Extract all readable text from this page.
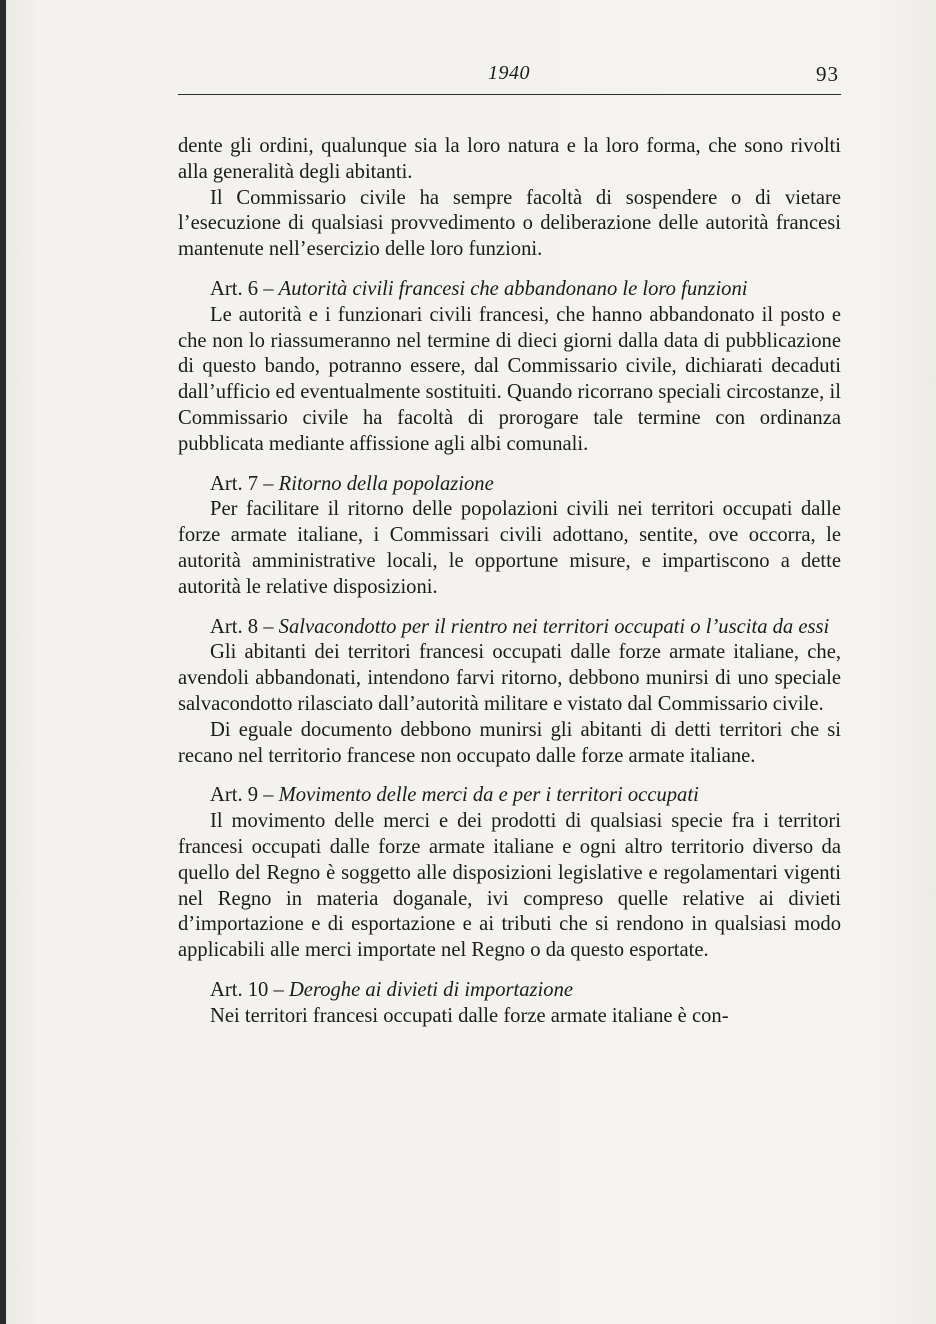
1940	93

dente gli ordini, qualunque sia la loro natura e la loro forma, che sono rivolti alla generalità degli abitanti.

Il Commissario civile ha sempre facoltà di sospendere o di vietare l’esecuzione di qualsiasi provvedimento o deliberazione delle autorità francesi mantenute nell’esercizio delle loro funzioni.

Art. 6 – Autorità civili francesi che abbandonano le loro funzioni

Le autorità e i funzionari civili francesi, che hanno abbandonato il posto e che non lo riassumeranno nel termine di dieci giorni dalla data di pubblicazione di questo bando, potranno essere, dal Commissario civile, dichiarati decaduti dall’ufficio ed eventualmente sostituiti. Quando ricorrano speciali circostanze, il Commissario civile ha facoltà di prorogare tale termine con ordinanza pubblicata mediante affissione agli albi comunali.

Art. 7 – Ritorno della popolazione

Per facilitare il ritorno delle popolazioni civili nei territori occupati dalle forze armate italiane, i Commissari civili adottano, sentite, ove occorra, le autorità amministrative locali, le opportune misure, e impartiscono a dette autorità le relative disposizioni.

Art. 8 – Salvacondotto per il rientro nei territori occupati o l’uscita da essi

Gli abitanti dei territori francesi occupati dalle forze armate italiane, che, avendoli abbandonati, intendono farvi ritorno, debbono munirsi di uno speciale salvacondotto rilasciato dall’autorità militare e vistato dal Commissario civile.

Di eguale documento debbono munirsi gli abitanti di detti territori che si recano nel territorio francese non occupato dalle forze armate italiane.

Art. 9 – Movimento delle merci da e per i territori occupati

Il movimento delle merci e dei prodotti di qualsiasi specie fra i territori francesi occupati dalle forze armate italiane e ogni altro territorio diverso da quello del Regno è soggetto alle disposizioni legislative e regolamentari vigenti nel Regno in materia doganale, ivi compreso quelle relative ai divieti d’importazione e di esportazione e ai tributi che si rendono in qualsiasi modo applicabili alle merci importate nel Regno o da questo esportate.

Art. 10 – Deroghe ai divieti di importazione

Nei territori francesi occupati dalle forze armate italiane è con-
